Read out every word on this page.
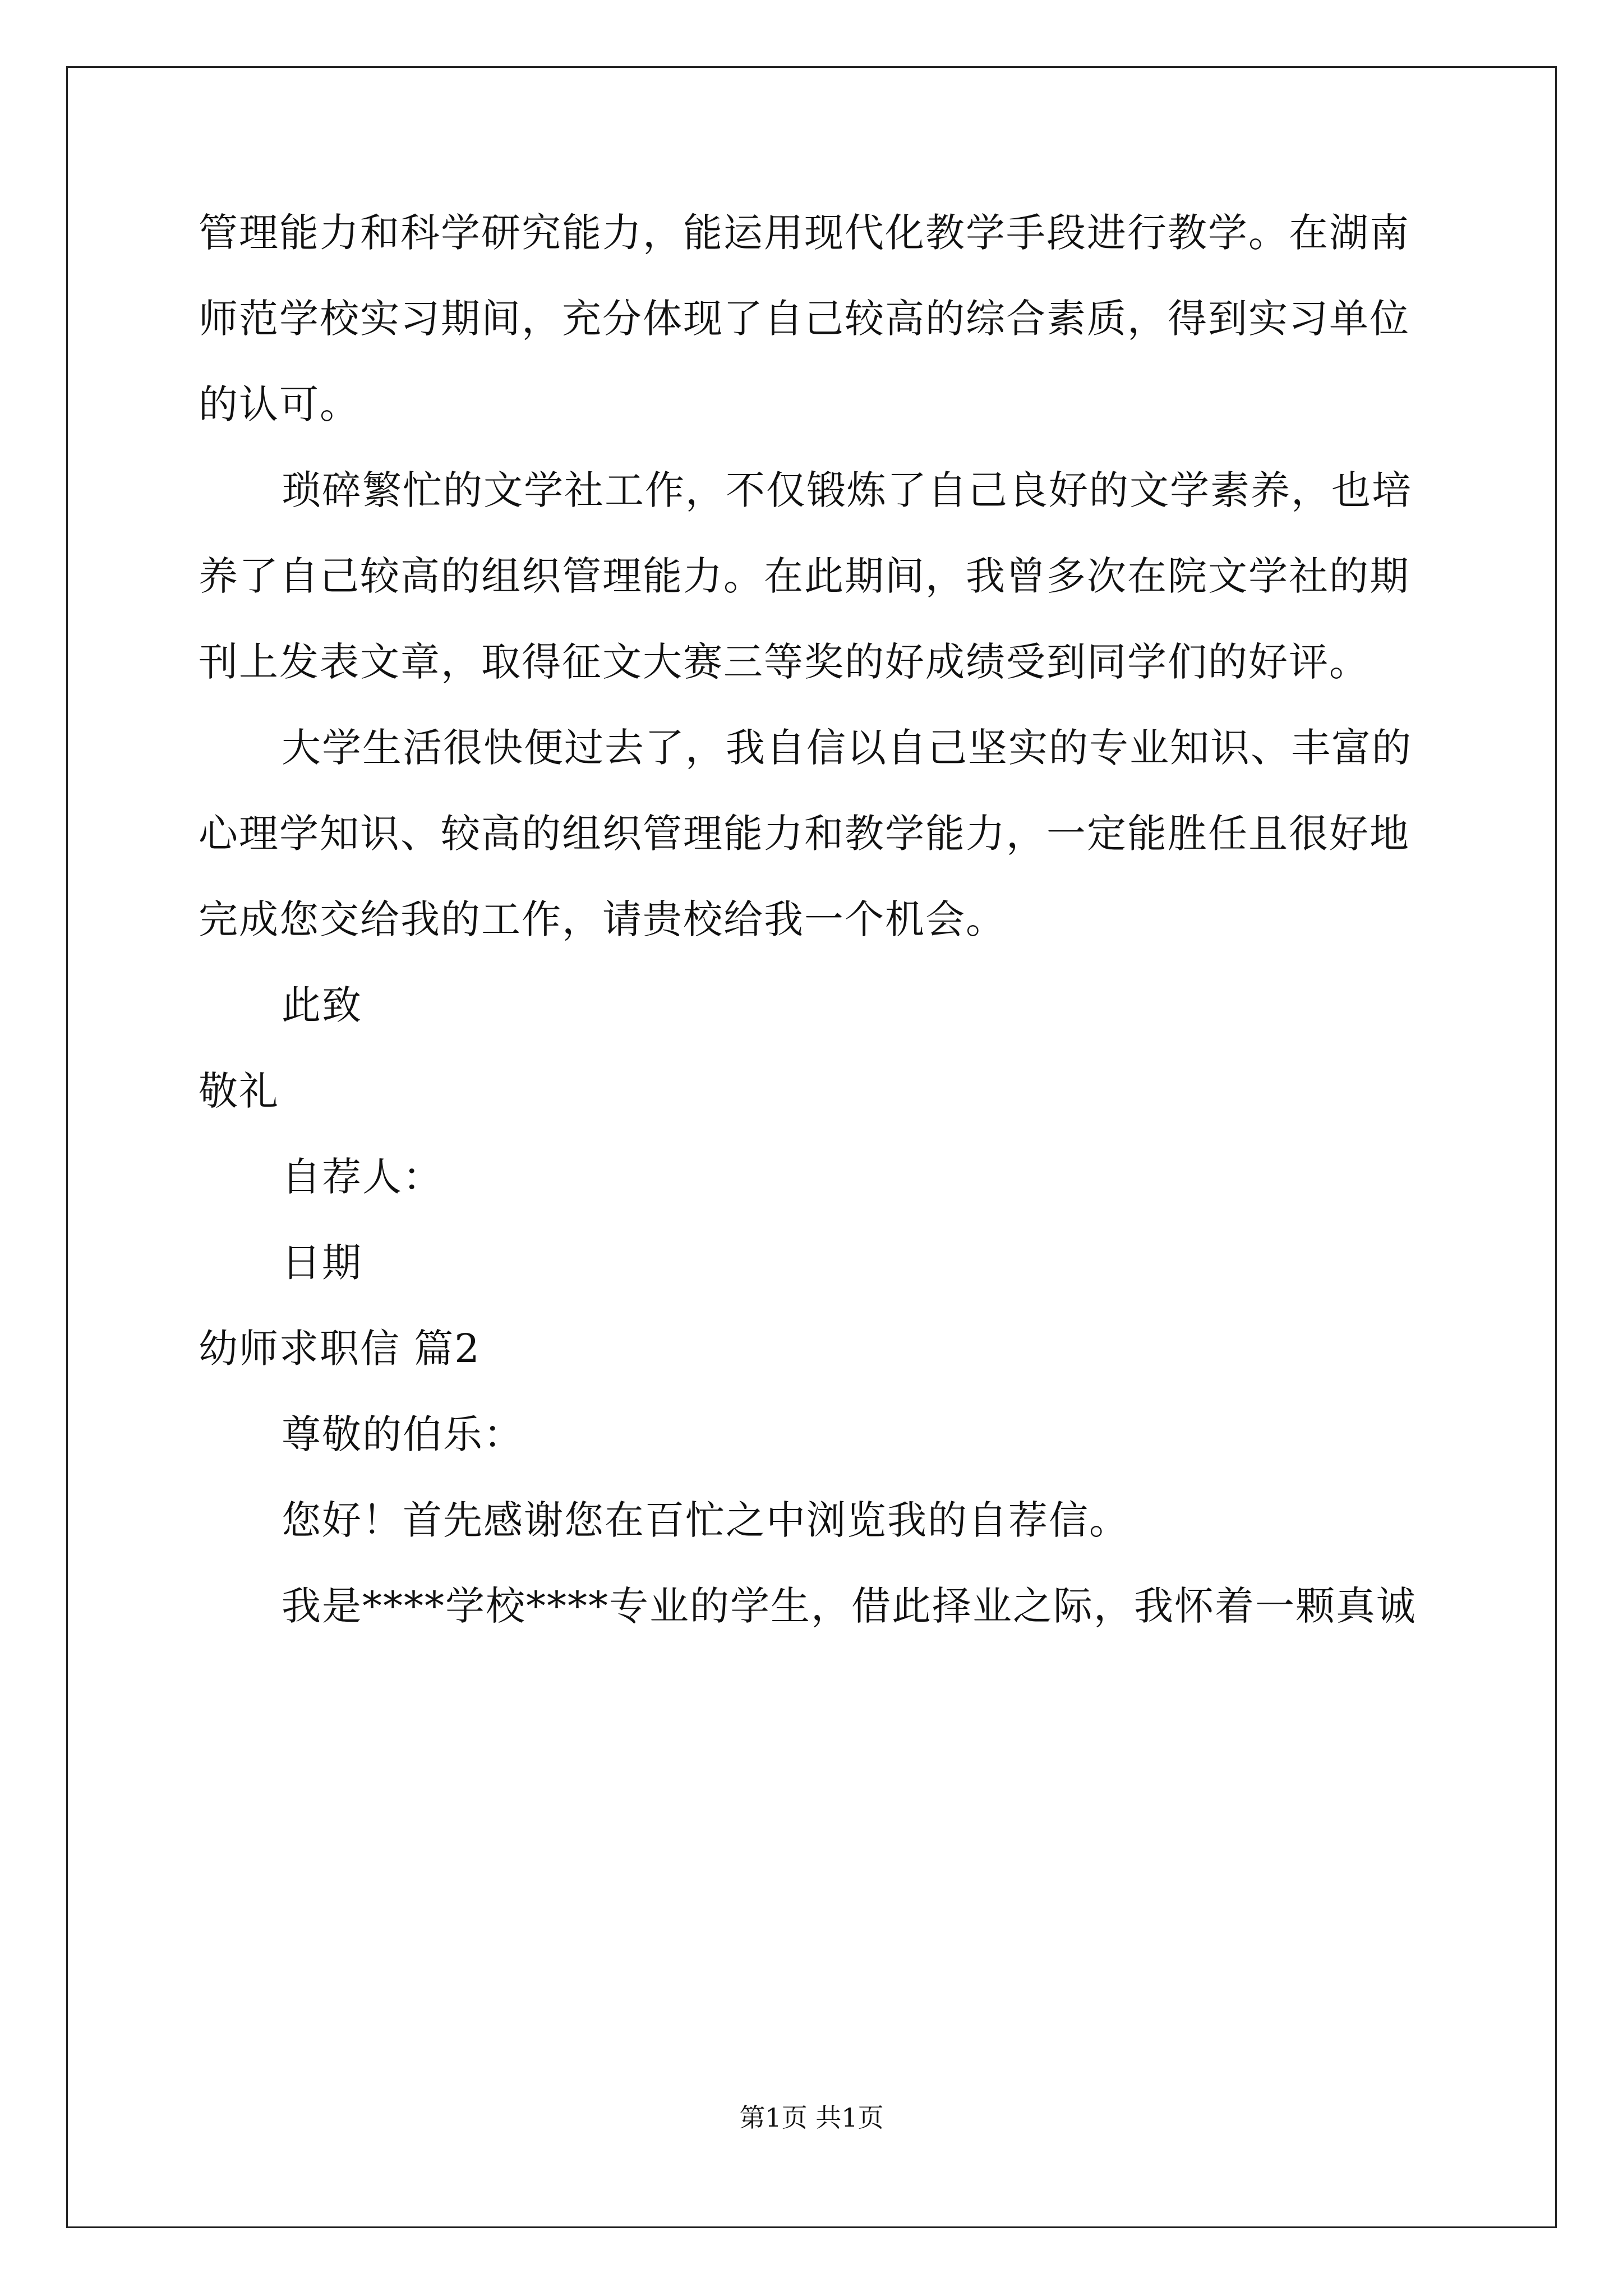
管理能力和科学研究能力，能运用现代化教学手段进行教学。在湖南
师范学校实习期间，充分体现了自己较高的综合素质，得到实习单位
的认可。
琐碎繁忙的文学社工作，不仅锻炼了自己良好的文学素养，也培
养了自己较高的组织管理能力。在此期间，我曾多次在院文学社的期
刊上发表文章，取得征文大赛三等奖的好成绩受到同学们的好评。
大学生活很快便过去了，我自信以自己坚实的专业知识、丰富的
心理学知识、较高的组织管理能力和教学能力，一定能胜任且很好地
完成您交给我的工作，请贵校给我一个机会。
此致
敬礼
自荐人：
日期
幼师求职信 篇2
尊敬的伯乐：
您好！首先感谢您在百忙之中浏览我的自荐信。
我是****学校****专业的学生，借此择业之际，我怀着一颗真诚
第1页 共1页
